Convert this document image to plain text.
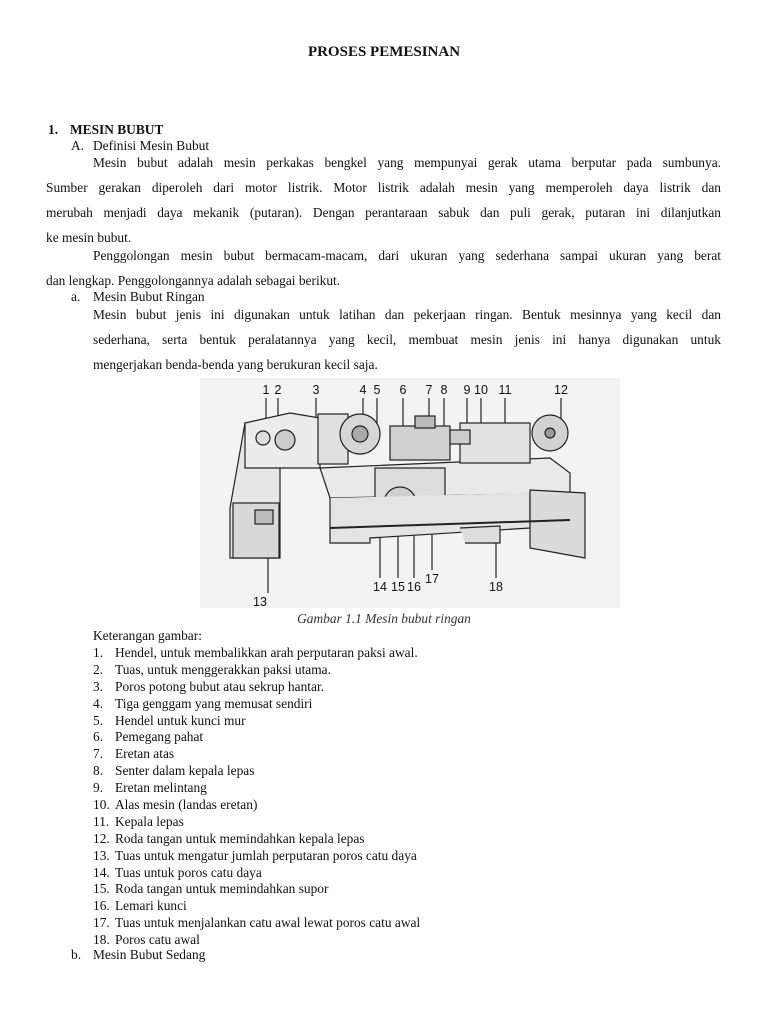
PROSES PEMESINAN
1. MESIN BUBUT
A. Definisi Mesin Bubut
Mesin bubut adalah mesin perkakas bengkel yang mempunyai gerak utama berputar pada sumbunya.
Sumber gerakan diperoleh dari motor listrik. Motor listrik adalah mesin yang memperoleh daya listrik dan
merubah menjadi daya mekanik (putaran). Dengan perantaraan sabuk dan puli gerak, putaran ini dilanjutkan
ke mesin bubut.
Penggolongan mesin bubut bermacam-macam, dari ukuran yang sederhana sampai ukuran yang berat
dan lengkap. Penggolongannya adalah sebagai berikut.
a. Mesin Bubut Ringan
Mesin bubut jenis ini digunakan untuk latihan dan pekerjaan ringan. Bentuk mesinnya yang kecil dan
sederhana, serta bentuk peralatannya yang kecil, membuat mesin jenis ini hanya digunakan untuk
mengerjakan benda-benda yang berukuran kecil saja.
1 2 3	4 5 6 7 8 9 10 11	12
14 15 16
17
18
13
Gambar 1.1 Mesin bubut ringan
Keterangan gambar:
1. Hendel, untuk membalikkan arah perputaran paksi awal.
2. Tuas, untuk menggerakkan paksi utama.
3. Poros potong bubut atau sekrup hantar.
4. Tiga genggam yang memusat sendiri
5. Hendel untuk kunci mur
6. Pemegang pahat
7. Eretan atas
8. Senter dalam kepala lepas
9. Eretan melintang
10. Alas mesin (landas eretan)
11. Kepala lepas
12. Roda tangan untuk memindahkan kepala lepas
13. Tuas untuk mengatur jumlah perputaran poros catu daya
14. Tuas untuk poros catu daya
15. Roda tangan untuk memindahkan supor
16. Lemari kunci
17. Tuas untuk menjalankan catu awal lewat poros catu awal
18. Poros catu awal
b. Mesin Bubut Sedang
